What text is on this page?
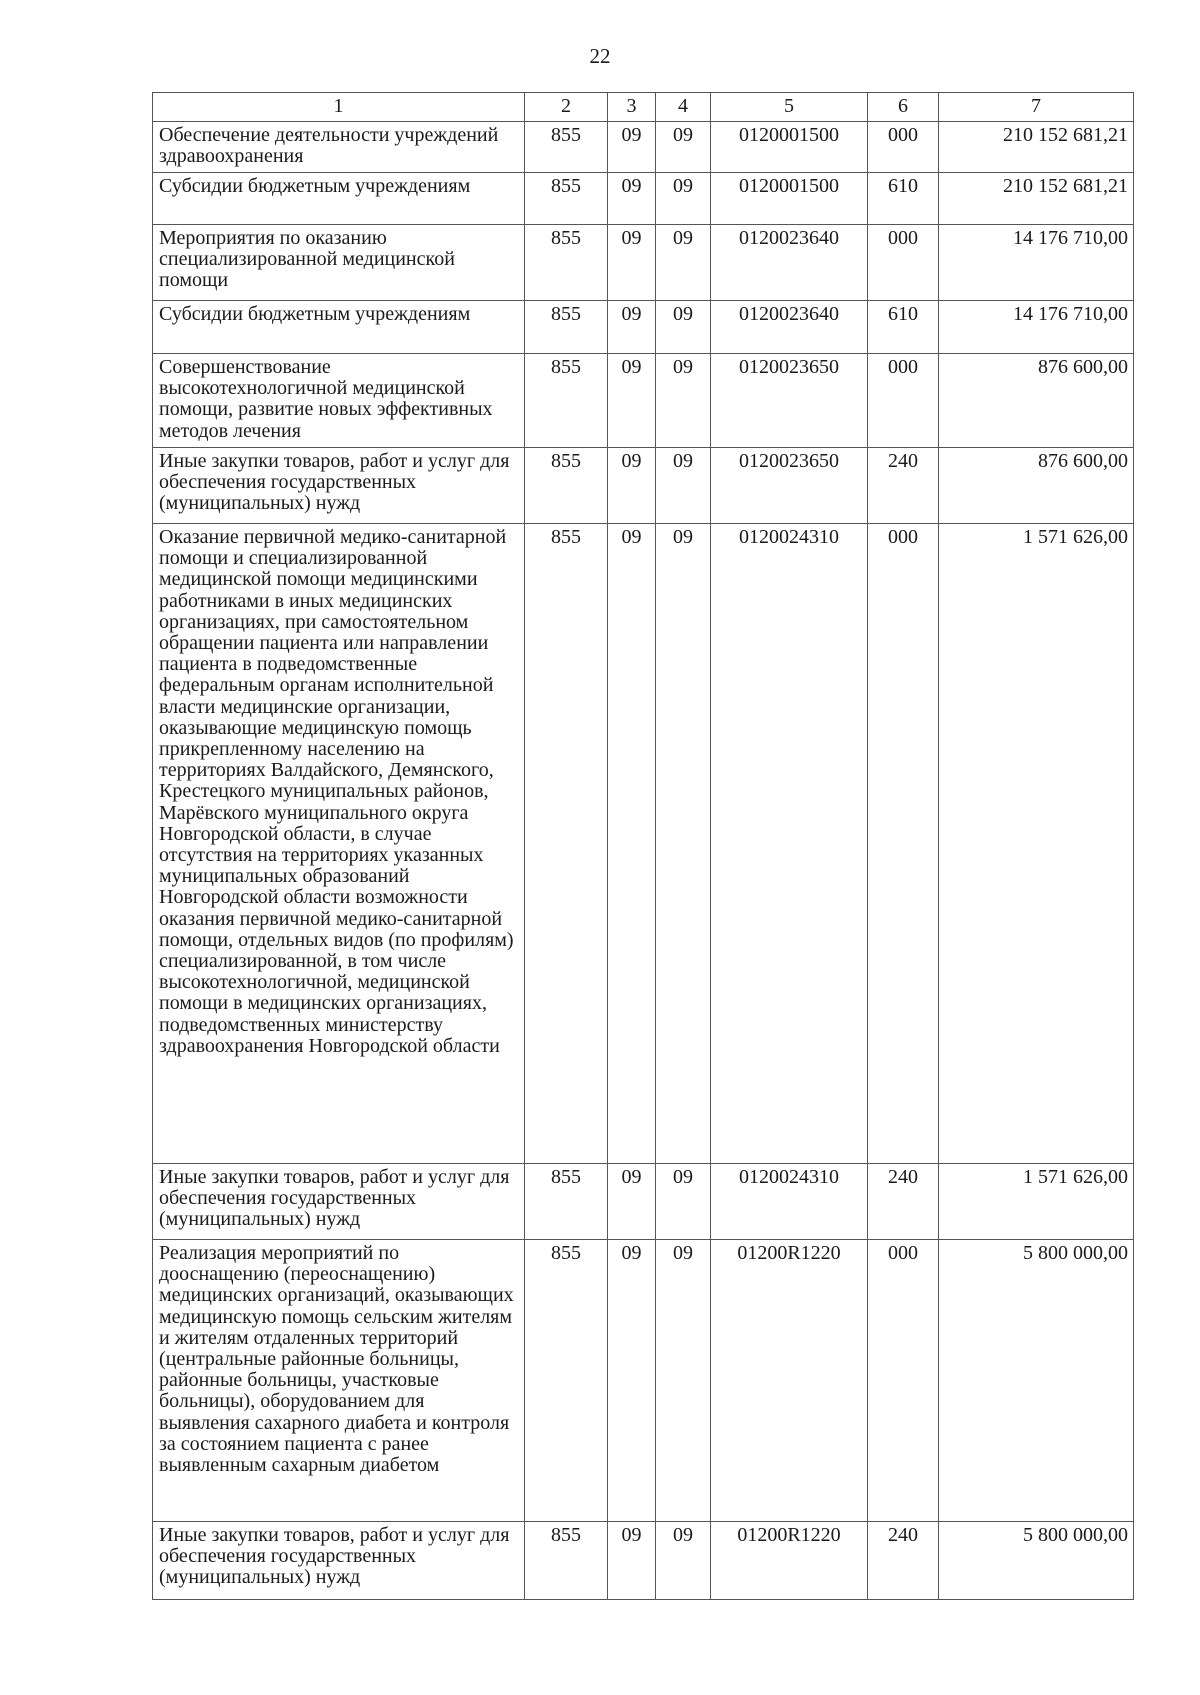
22
1	2	3	4	5	6	7
Обеспечение деятельности учреждений здравоохранения	855	09	09	0120001500	000	210 152 681,21
Субсидии бюджетным учреждениям	855	09	09	0120001500	610	210 152 681,21
Мероприятия по оказанию специализированной медицинской помощи	855	09	09	0120023640	000	14 176 710,00
Субсидии бюджетным учреждениям	855	09	09	0120023640	610	14 176 710,00
Совершенствование высокотехнологичной медицинской помощи, развитие новых эффективных методов лечения	855	09	09	0120023650	000	876 600,00
Иные закупки товаров, работ и услуг для обеспечения государственных (муниципальных) нужд	855	09	09	0120023650	240	876 600,00
Оказание первичной медико-санитарной помощи и специализированной медицинской помощи медицинскими работниками в иных медицинских организациях, при самостоятельном обращении пациента или направлении пациента в подведомственные федеральным органам исполнительной власти медицинские организации, оказывающие медицинскую помощь прикрепленному населению на территориях Валдайского, Демянского, Крестецкого муниципальных районов, Марёвского муниципального округа Новгородской области, в случае отсутствия на территориях указанных муниципальных образований Новгородской области возможности оказания первичной медико-санитарной помощи, отдельных видов (по профилям) специализированной, в том числе высокотехнологичной, медицинской помощи в медицинских организациях, подведомственных министерству здравоохранения Новгородской области	855	09	09	0120024310	000	1 571 626,00
Иные закупки товаров, работ и услуг для обеспечения государственных (муниципальных) нужд	855	09	09	0120024310	240	1 571 626,00
Реализация мероприятий по дооснащению (переоснащению) медицинских организаций, оказывающих медицинскую помощь сельским жителям и жителям отдаленных территорий (центральные районные больницы, районные больницы, участковые больницы), оборудованием для выявления сахарного диабета и контроля за состоянием пациента с ранее выявленным сахарным диабетом	855	09	09	01200R1220	000	5 800 000,00
Иные закупки товаров, работ и услуг для обеспечения государственных (муниципальных) нужд	855	09	09	01200R1220	240	5 800 000,00
